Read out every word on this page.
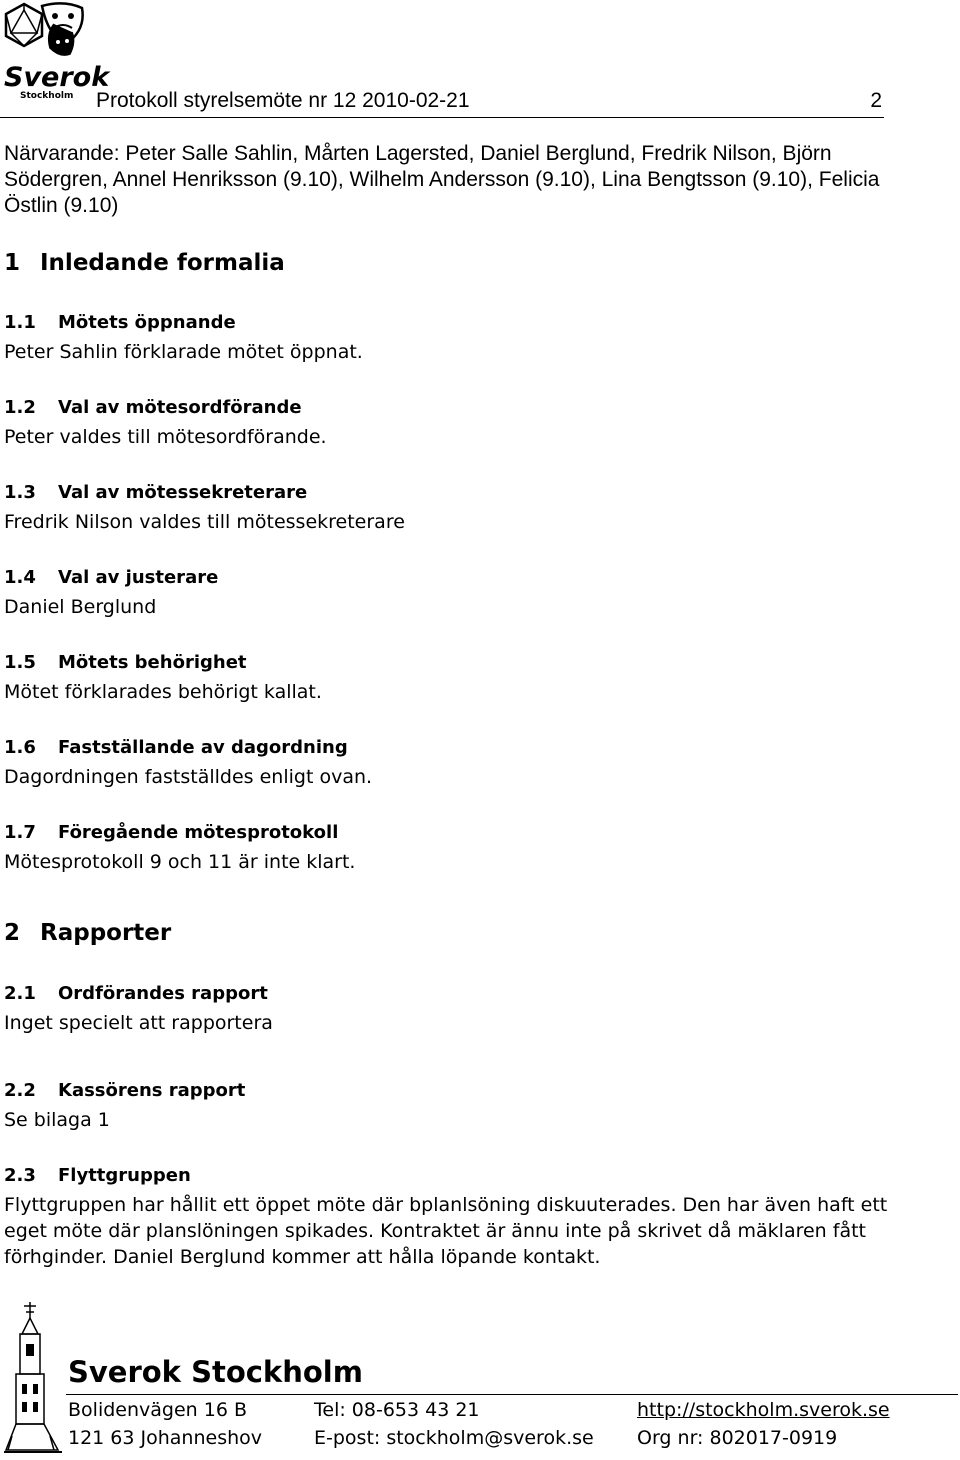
Sverok
Stockholm Protokoll styrelsemöte nr 12 2010-02-21	2
Närvarande: Peter Salle Sahlin, Mårten Lagersted, Daniel Berglund, Fredrik Nilson, Björn Södergren, Annel Henriksson (9.10), Wilhelm Andersson (9.10), Lina Bengtsson (9.10), Felicia Östlin (9.10)
1 Inledande formalia
1.1 Mötets öppnande
Peter Sahlin förklarade mötet öppnat.
1.2 Val av mötesordförande
Peter valdes till mötesordförande.
1.3 Val av mötessekreterare
Fredrik Nilson valdes till mötessekreterare
1.4 Val av justerare
Daniel Berglund
1.5 Mötets behörighet
Mötet förklarades behörigt kallat.
1.6 Fastställande av dagordning
Dagordningen fastställdes enligt ovan.
1.7 Föregående mötesprotokoll
Mötesprotokoll 9 och 11 är inte klart.
2 Rapporter
2.1 Ordförandes rapport
Inget specielt att rapportera
2.2 Kassörens rapport
Se bilaga 1
2.3 Flyttgruppen
Flyttgruppen har hållit ett öppet möte där bplanlsöning diskuuterades. Den har även haft ett eget möte där planslöningen spikades. Kontraktet är ännu inte på skrivet då mäklaren fått förhginder. Daniel Berglund kommer att hålla löpande kontakt.
Sverok Stockholm
Bolidenvägen 16 B
121 63 Johanneshov
Tel: 08-653 43 21
E-post: stockholm@sverok.se
http://stockholm.sverok.se
Org nr: 802017-0919
